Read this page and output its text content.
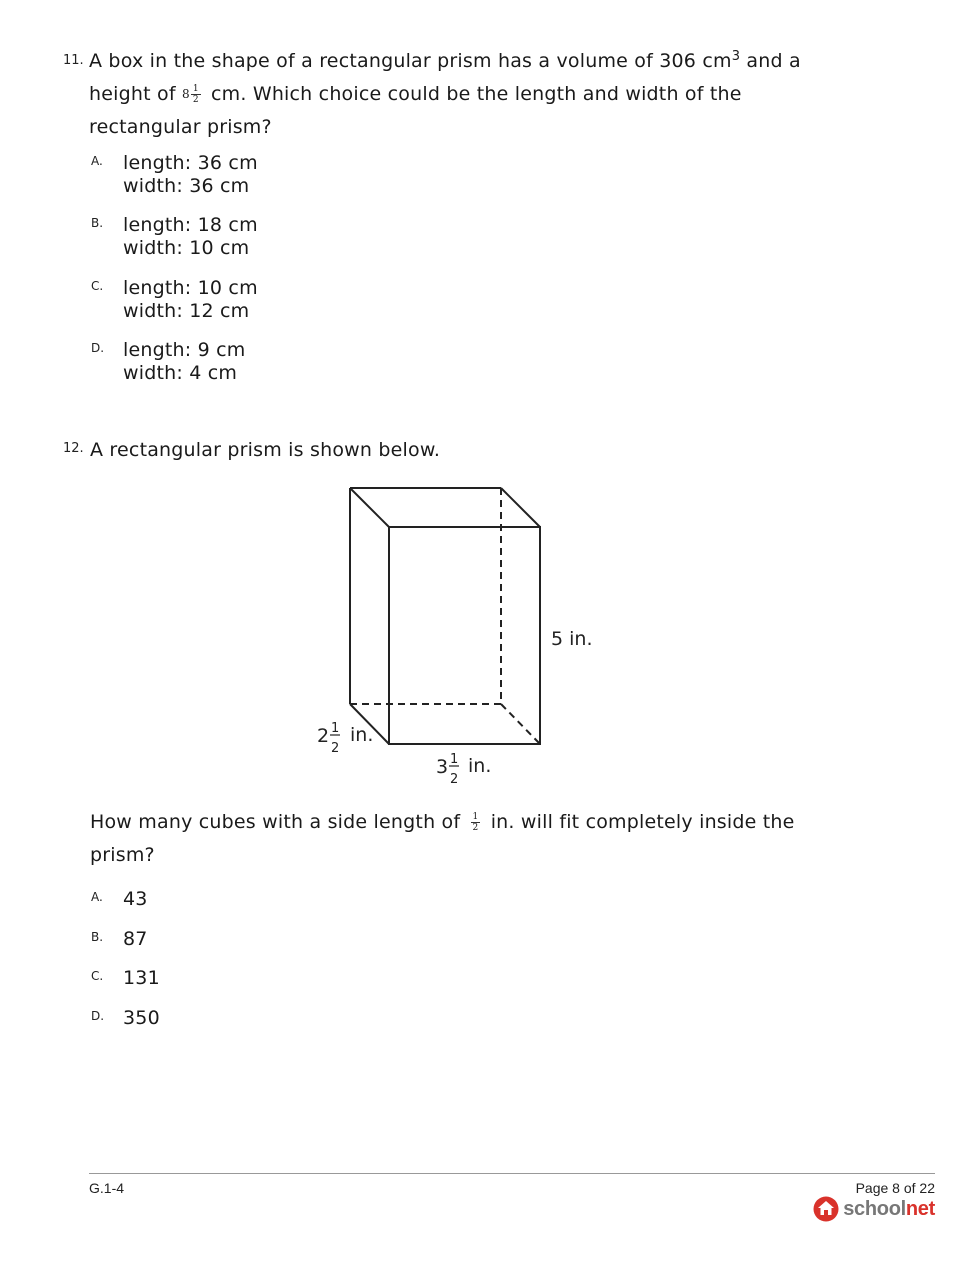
11. A box in the shape of a rectangular prism has a volume of 306 $cm^3$ and a height of $8 \frac{1}{2}$ cm. Which choice could be the length and width of the rectangular prism?
A. length: 36 cm
width: 36 cm
B. length: 18 cm
width: 10 cm
C. length: 10 cm
width: 12 cm
D. length: 9 cm
width: 4 cm
12. A rectangular prism is shown below.
5 in.
2 1
2
in.
3 1
2
in.
How many cubes with a side length of $\frac{1}{2}$ in. will fit completely inside the prism?
A. 43
B. 87
C. 131
D. 350
G.1-4	Page 8 of 22
schoolnet
